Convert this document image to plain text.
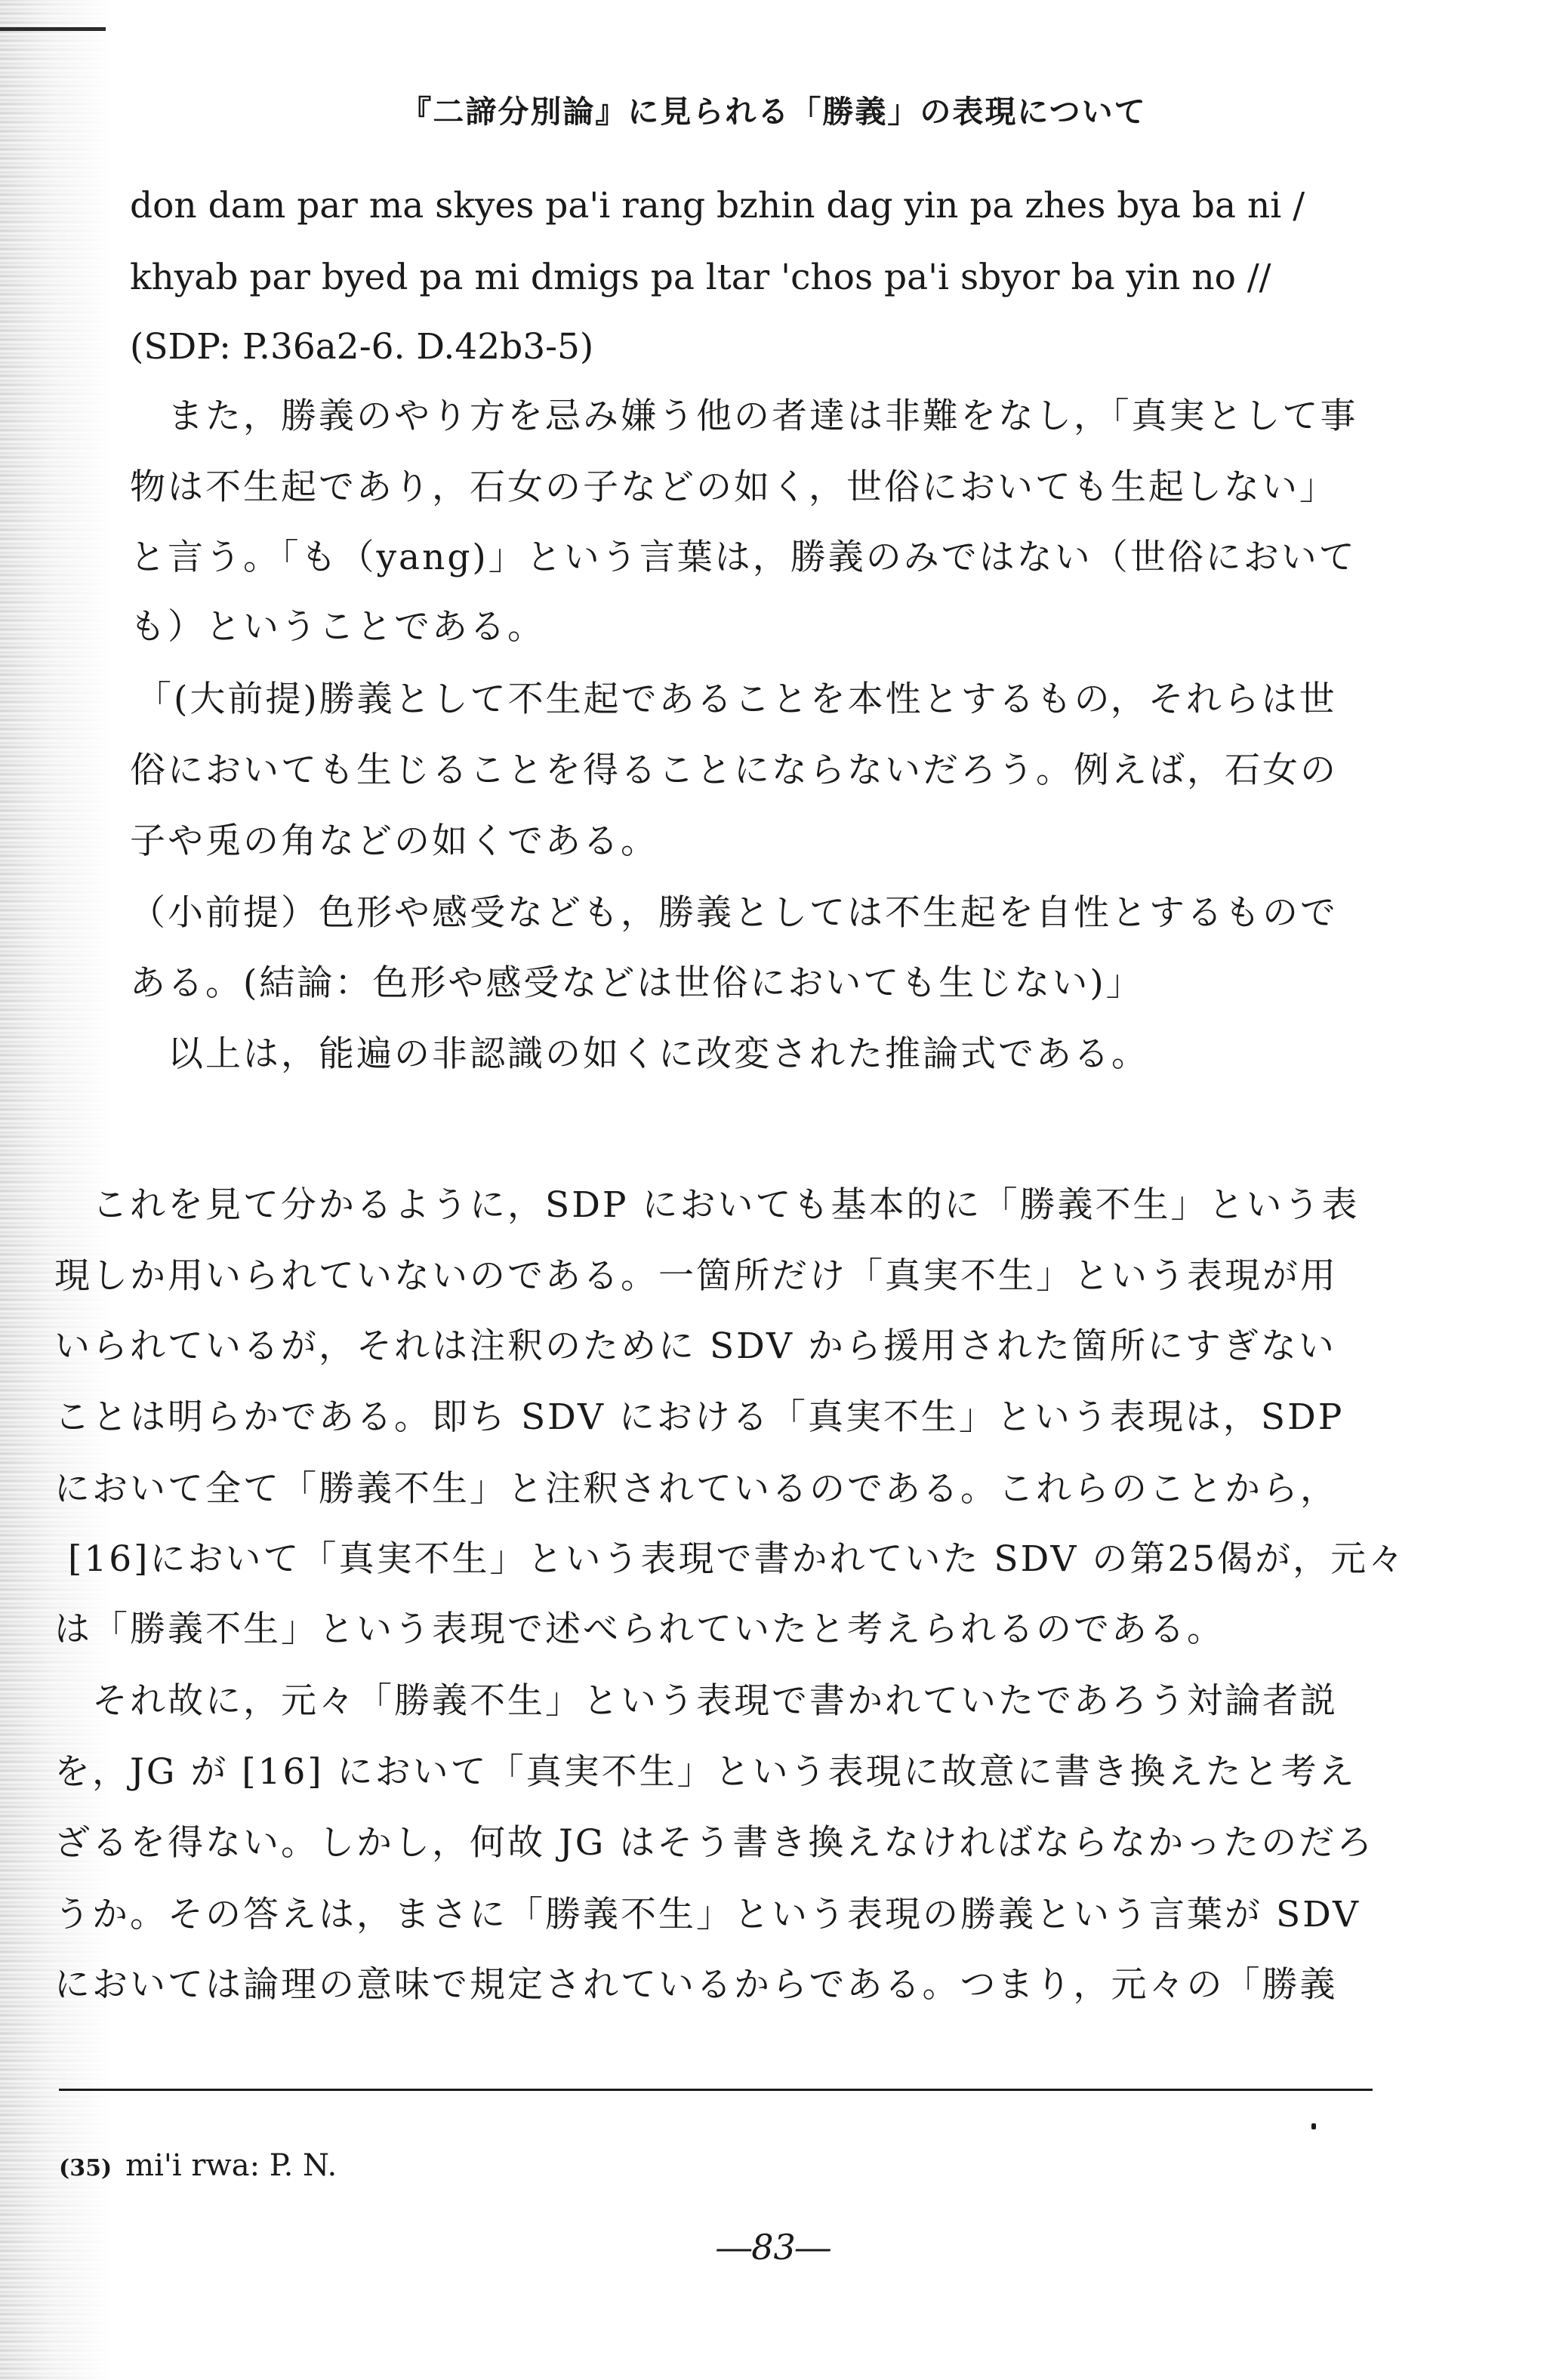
『二諦分別論』に見られる「勝義」の表現について

don dam par ma skyes pa'i rang bzhin dag yin pa zhes bya ba ni /

khyab par byed pa mi dmigs pa ltar 'chos pa'i sbyor ba yin no //

(SDP: P.36a2-6. D.42b3-5)

また，勝義のやり方を忌み嫌う他の者達は非難をなし，「真実として事

物は不生起であり，石女の子などの如く，世俗においても生起しない」

と言う。「も（yang)」という言葉は，勝義のみではない（世俗において

も）ということである。

「(大前提)勝義として不生起であることを本性とするもの，それらは世

俗においても生じることを得ることにならないだろう。例えば，石女の

子や兎の角などの如くである。

（小前提）色形や感受なども，勝義としては不生起を自性とするもので

ある。(結論：色形や感受などは世俗においても生じない)」

以上は，能遍の非認識の如くに改変された推論式である。

これを見て分かるように，SDP においても基本的に「勝義不生」という表

現しか用いられていないのである。一箇所だけ「真実不生」という表現が用

いられているが，それは注釈のために SDV から援用された箇所にすぎない

ことは明らかである。即ち SDV における「真実不生」という表現は，SDP

において全て「勝義不生」と注釈されているのである。これらのことから，

[16]において「真実不生」という表現で書かれていた SDV の第25偈が，元々

は「勝義不生」という表現で述べられていたと考えられるのである。

それ故に，元々「勝義不生」という表現で書かれていたであろう対論者説

を，JG が [16] において「真実不生」という表現に故意に書き換えたと考え

ざるを得ない。しかし，何故 JG はそう書き換えなければならなかったのだろ

うか。その答えは，まさに「勝義不生」という表現の勝義という言葉が SDV

においては論理の意味で規定されているからである。つまり，元々の「勝義

(35) mi'i rwa: P. N.

―83―
